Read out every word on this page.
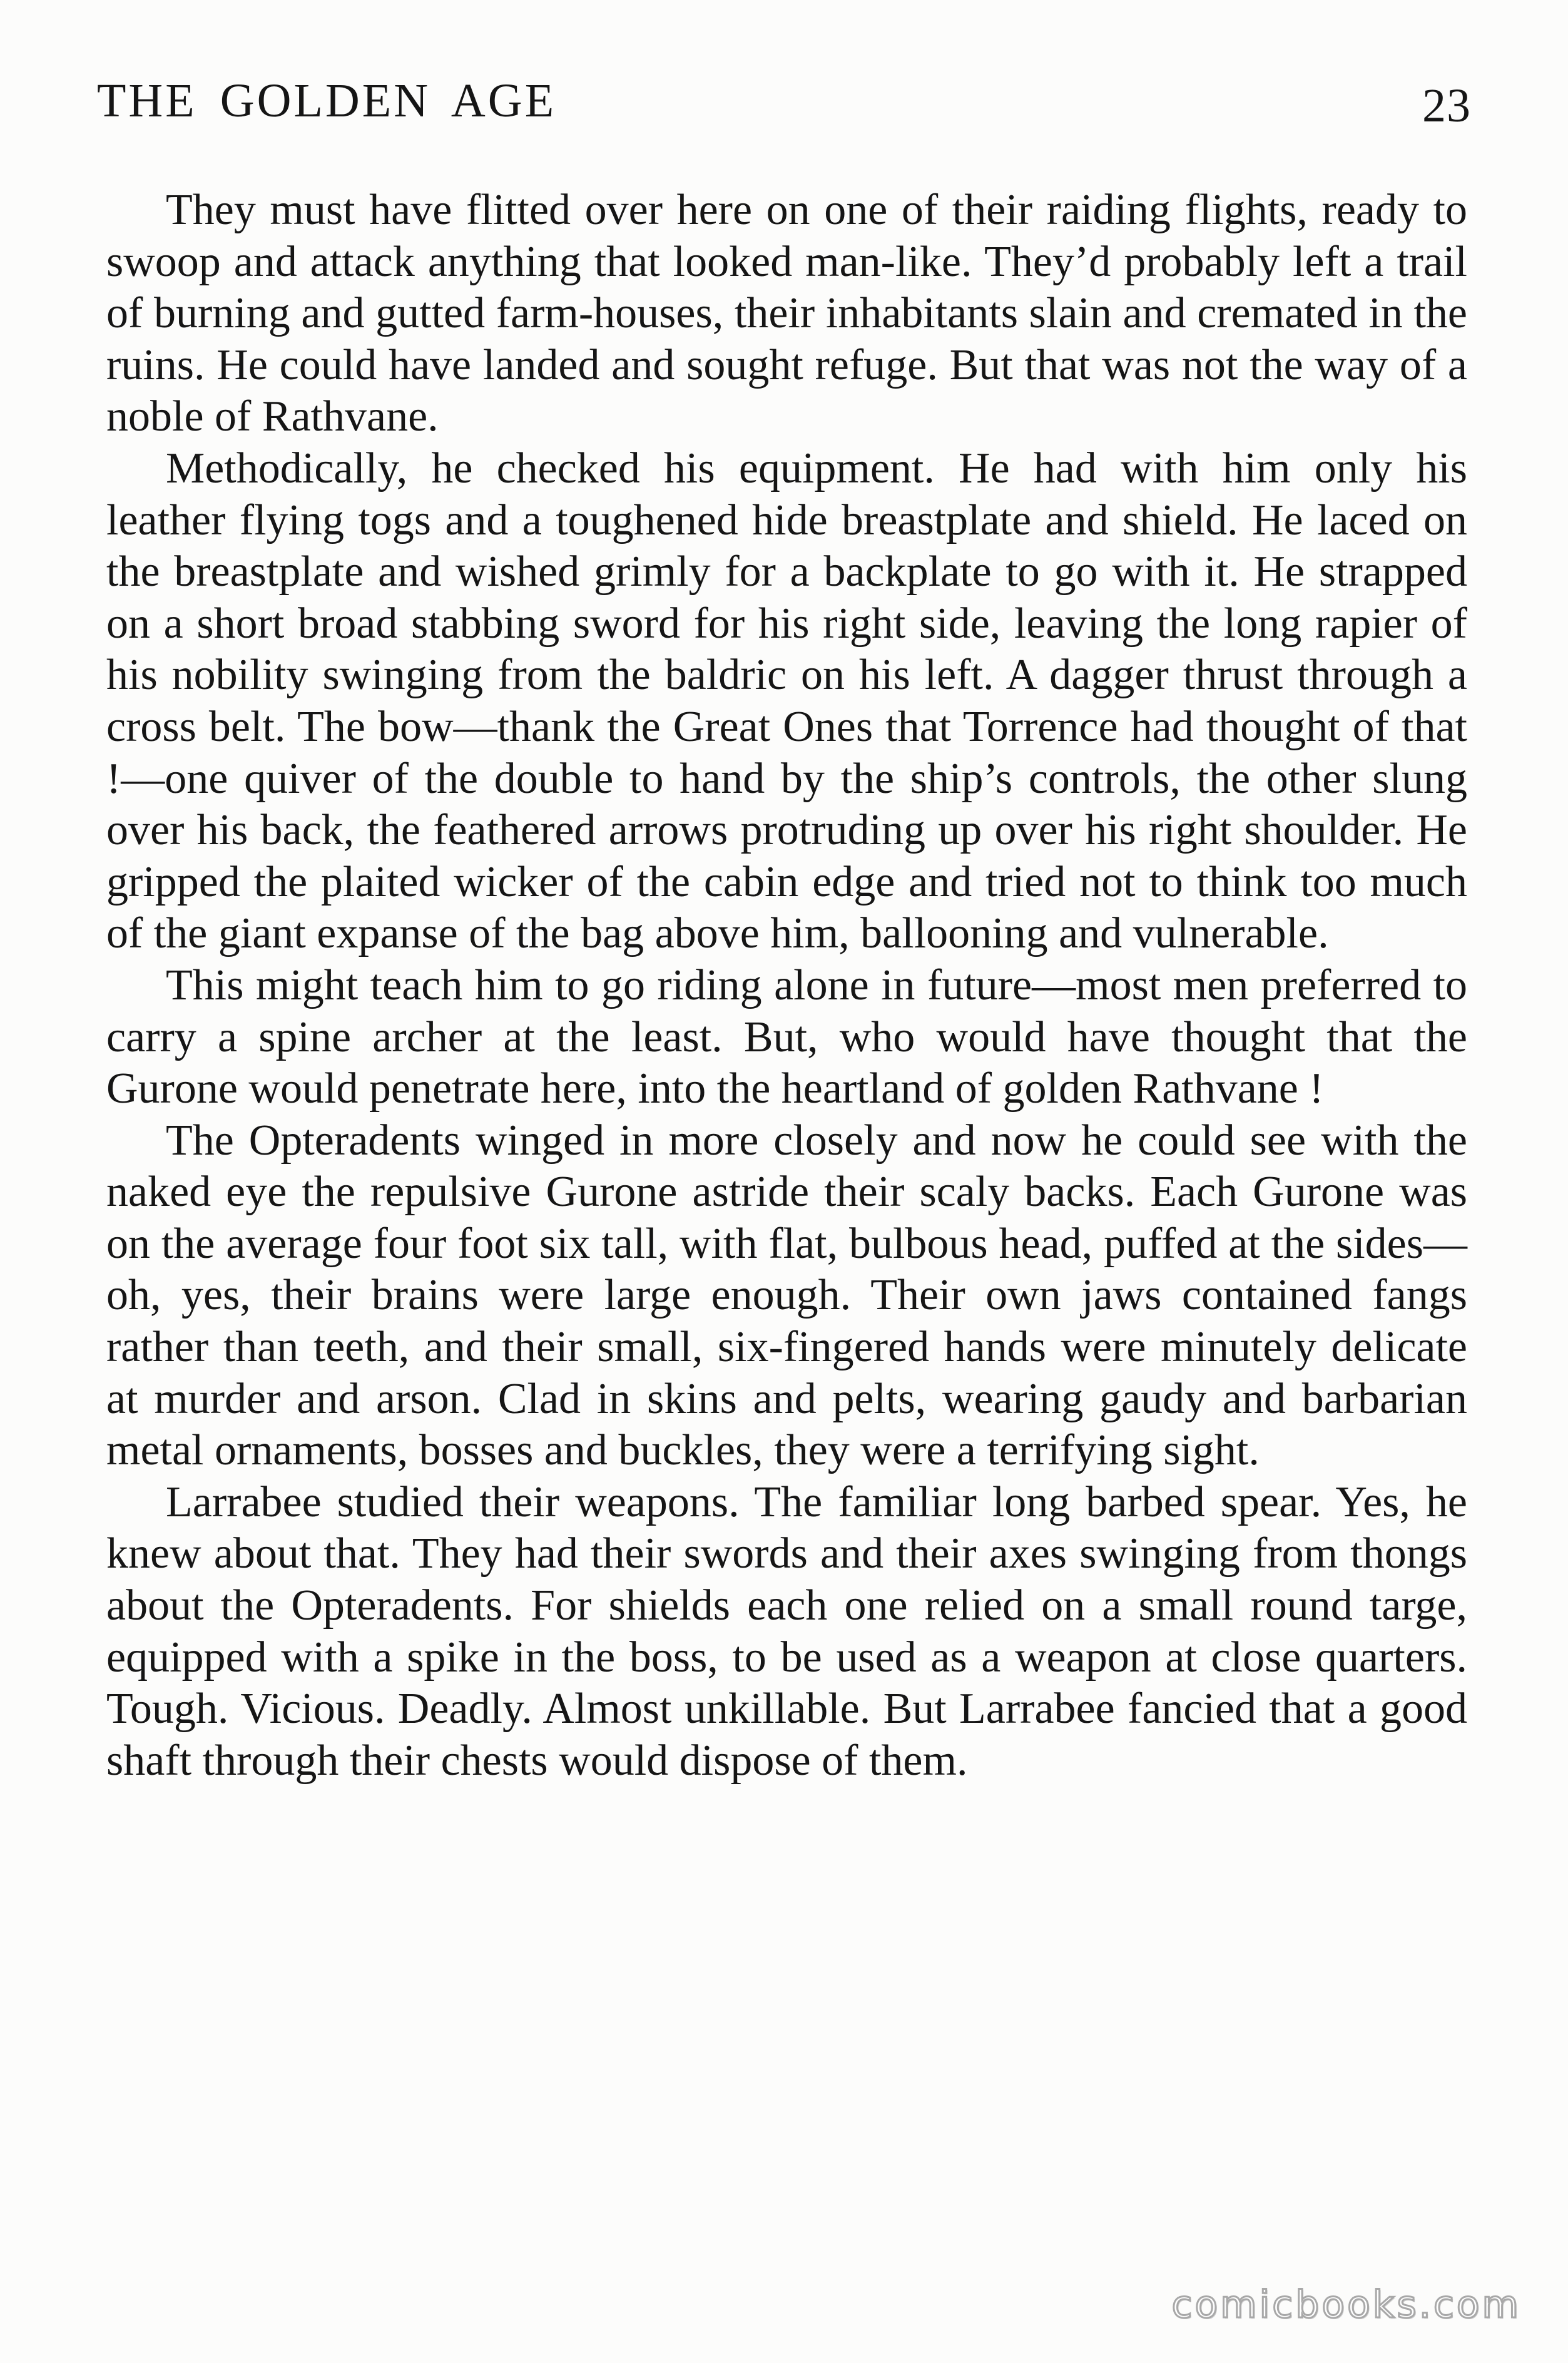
THE GOLDEN AGE	23

They must have flitted over here on one of their raiding flights, ready to swoop and attack anything that looked man-like. They’d probably left a trail of burning and gutted farm-houses, their inhabitants slain and cremated in the ruins. He could have landed and sought refuge. But that was not the way of a noble of Rathvane.

Methodically, he checked his equipment. He had with him only his leather flying togs and a toughened hide breastplate and shield. He laced on the breastplate and wished grimly for a backplate to go with it. He strapped on a short broad stabbing sword for his right side, leaving the long rapier of his nobility swinging from the baldric on his left. A dagger thrust through a cross belt. The bow—thank the Great Ones that Torrence had thought of that !—one quiver of the double to hand by the ship’s controls, the other slung over his back, the feathered arrows protruding up over his right shoulder. He gripped the plaited wicker of the cabin edge and tried not to think too much of the giant expanse of the bag above him, ballooning and vulnerable.

This might teach him to go riding alone in future—most men preferred to carry a spine archer at the least. But, who would have thought that the Gurone would penetrate here, into the heartland of golden Rathvane !

The Opteradents winged in more closely and now he could see with the naked eye the repulsive Gurone astride their scaly backs. Each Gurone was on the average four foot six tall, with flat, bulbous head, puffed at the sides—oh, yes, their brains were large enough. Their own jaws contained fangs rather than teeth, and their small, six-fingered hands were minutely delicate at murder and arson. Clad in skins and pelts, wearing gaudy and barbarian metal ornaments, bosses and buckles, they were a terrifying sight.

Larrabee studied their weapons. The familiar long barbed spear. Yes, he knew about that. They had their swords and their axes swinging from thongs about the Opteradents. For shields each one relied on a small round targe, equipped with a spike in the boss, to be used as a weapon at close quarters. Tough. Vicious. Deadly. Almost unkillable. But Larrabee fancied that a good shaft through their chests would dispose of them.

comicbooks.com
